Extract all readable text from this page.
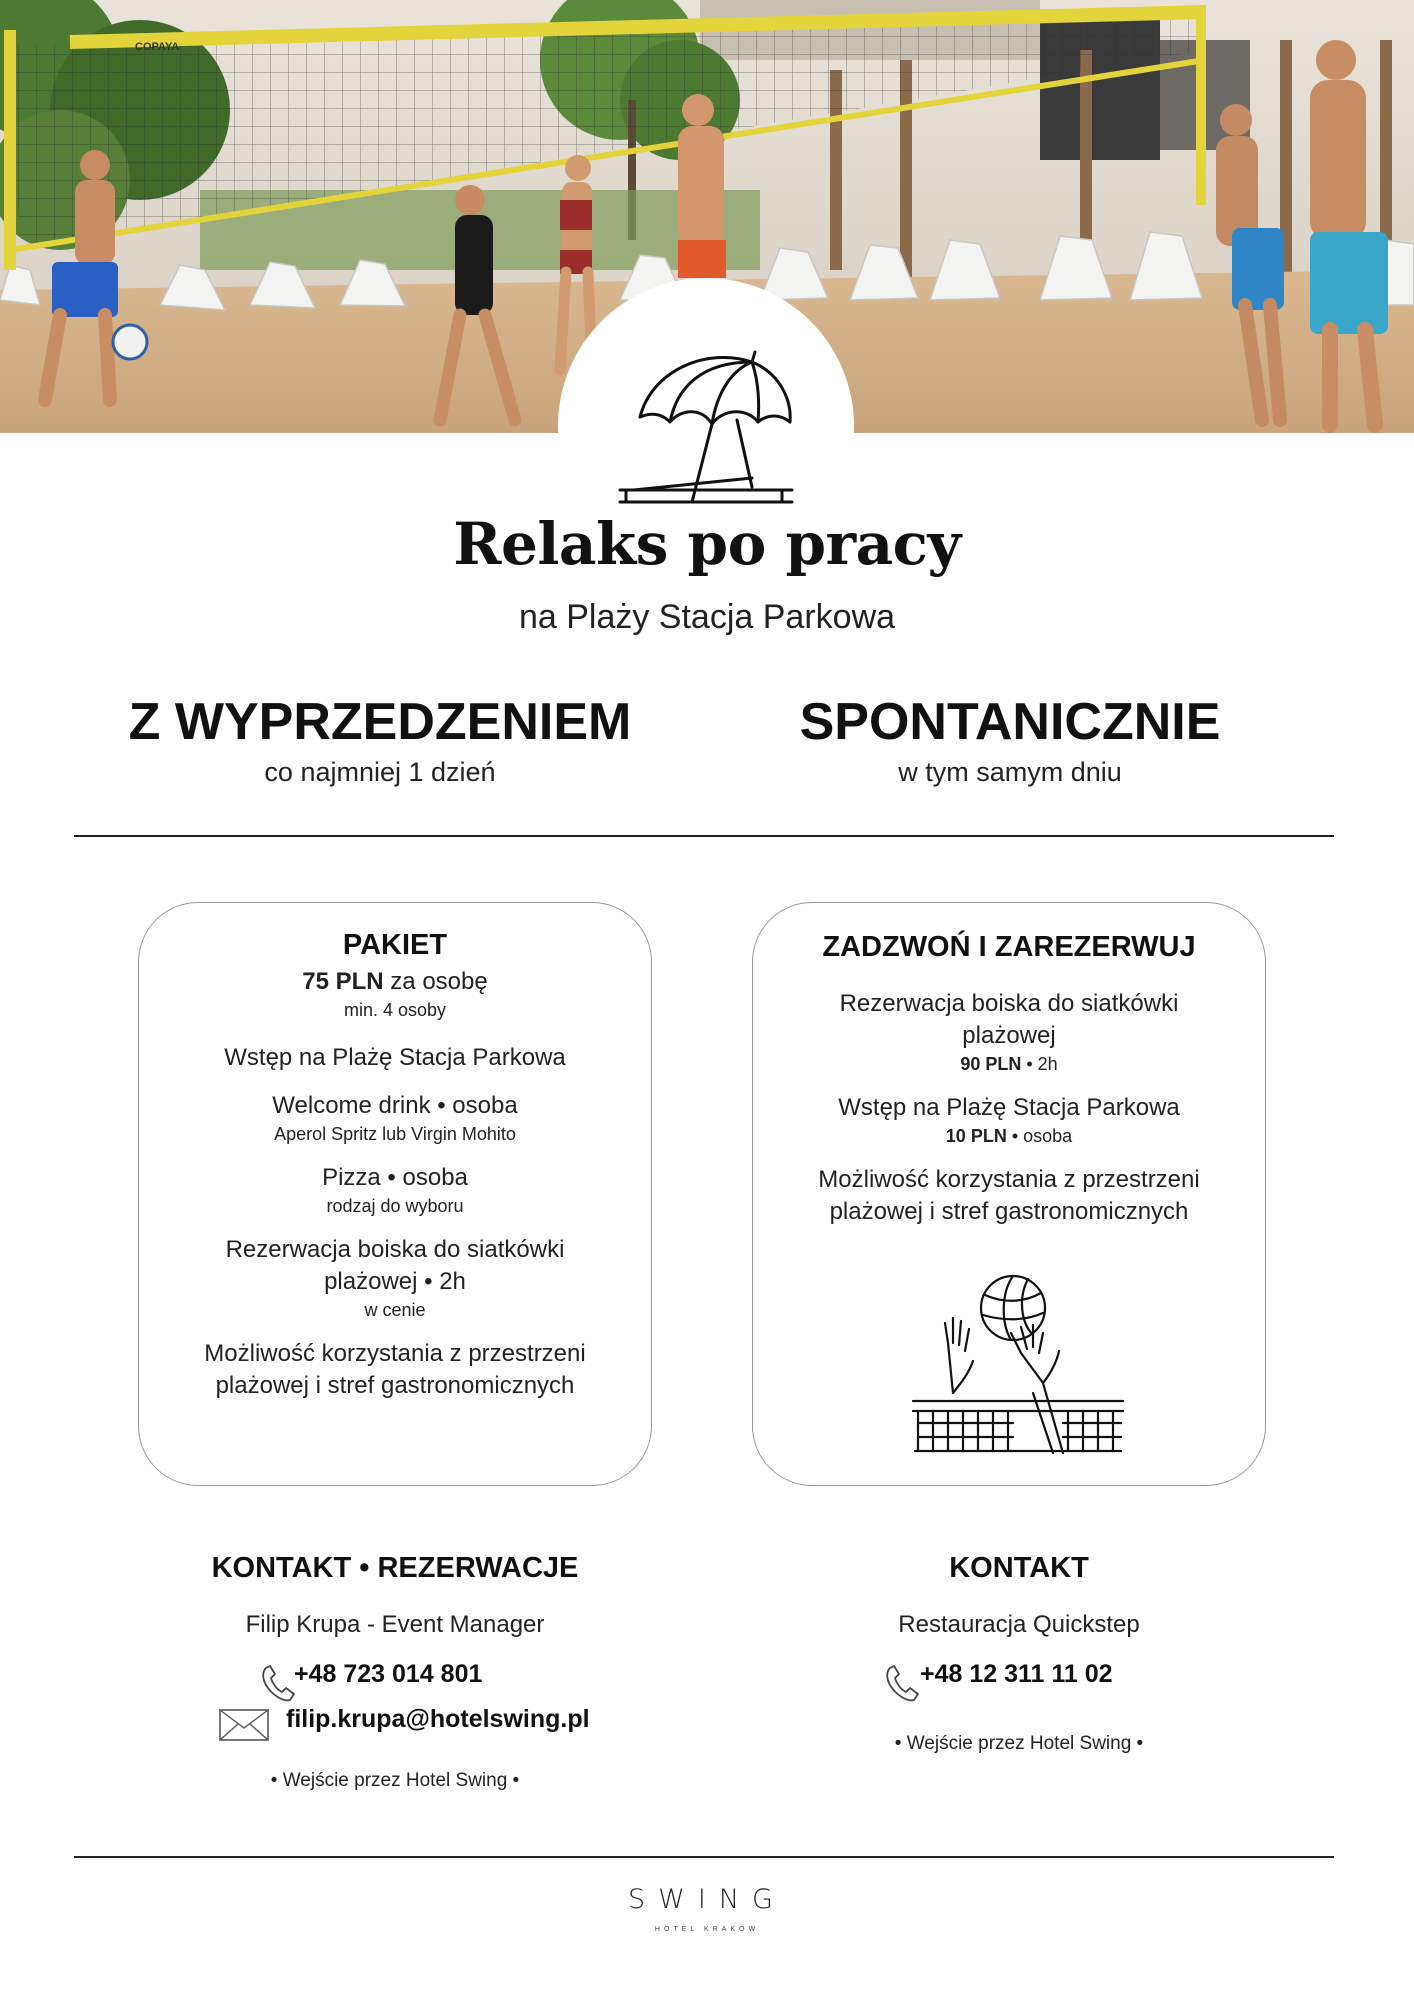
COPAYA
Relaks po pracy
na Plaży Stacja Parkowa
Z WYPRZEDZENIEM
co najmniej 1 dzień
SPONTANICZNIE
w tym samym dniu
PAKIET
75 PLN za osobę
min. 4 osoby
Wstęp na Plażę Stacja Parkowa
Welcome drink • osoba
Aperol Spritz lub Virgin Mohito
Pizza • osoba
rodzaj do wyboru
Rezerwacja boiska do siatkówki
plażowej • 2h
w cenie
Możliwość korzystania z przestrzeni
plażowej i stref gastronomicznych
ZADZWOŃ I ZAREZERWUJ
Rezerwacja boiska do siatkówki
plażowej
90 PLN • 2h
Wstęp na Plażę Stacja Parkowa
10 PLN • osoba
Możliwość korzystania z przestrzeni
plażowej i stref gastronomicznych
KONTAKT • REZERWACJE
Filip Krupa - Event Manager
+48 723 014 801
filip.krupa@hotelswing.pl
• Wejście przez Hotel Swing •
KONTAKT
Restauracja Quickstep
+48 12 311 11 02
• Wejście przez Hotel Swing •
SWING
HOTEL KRAKÓW
